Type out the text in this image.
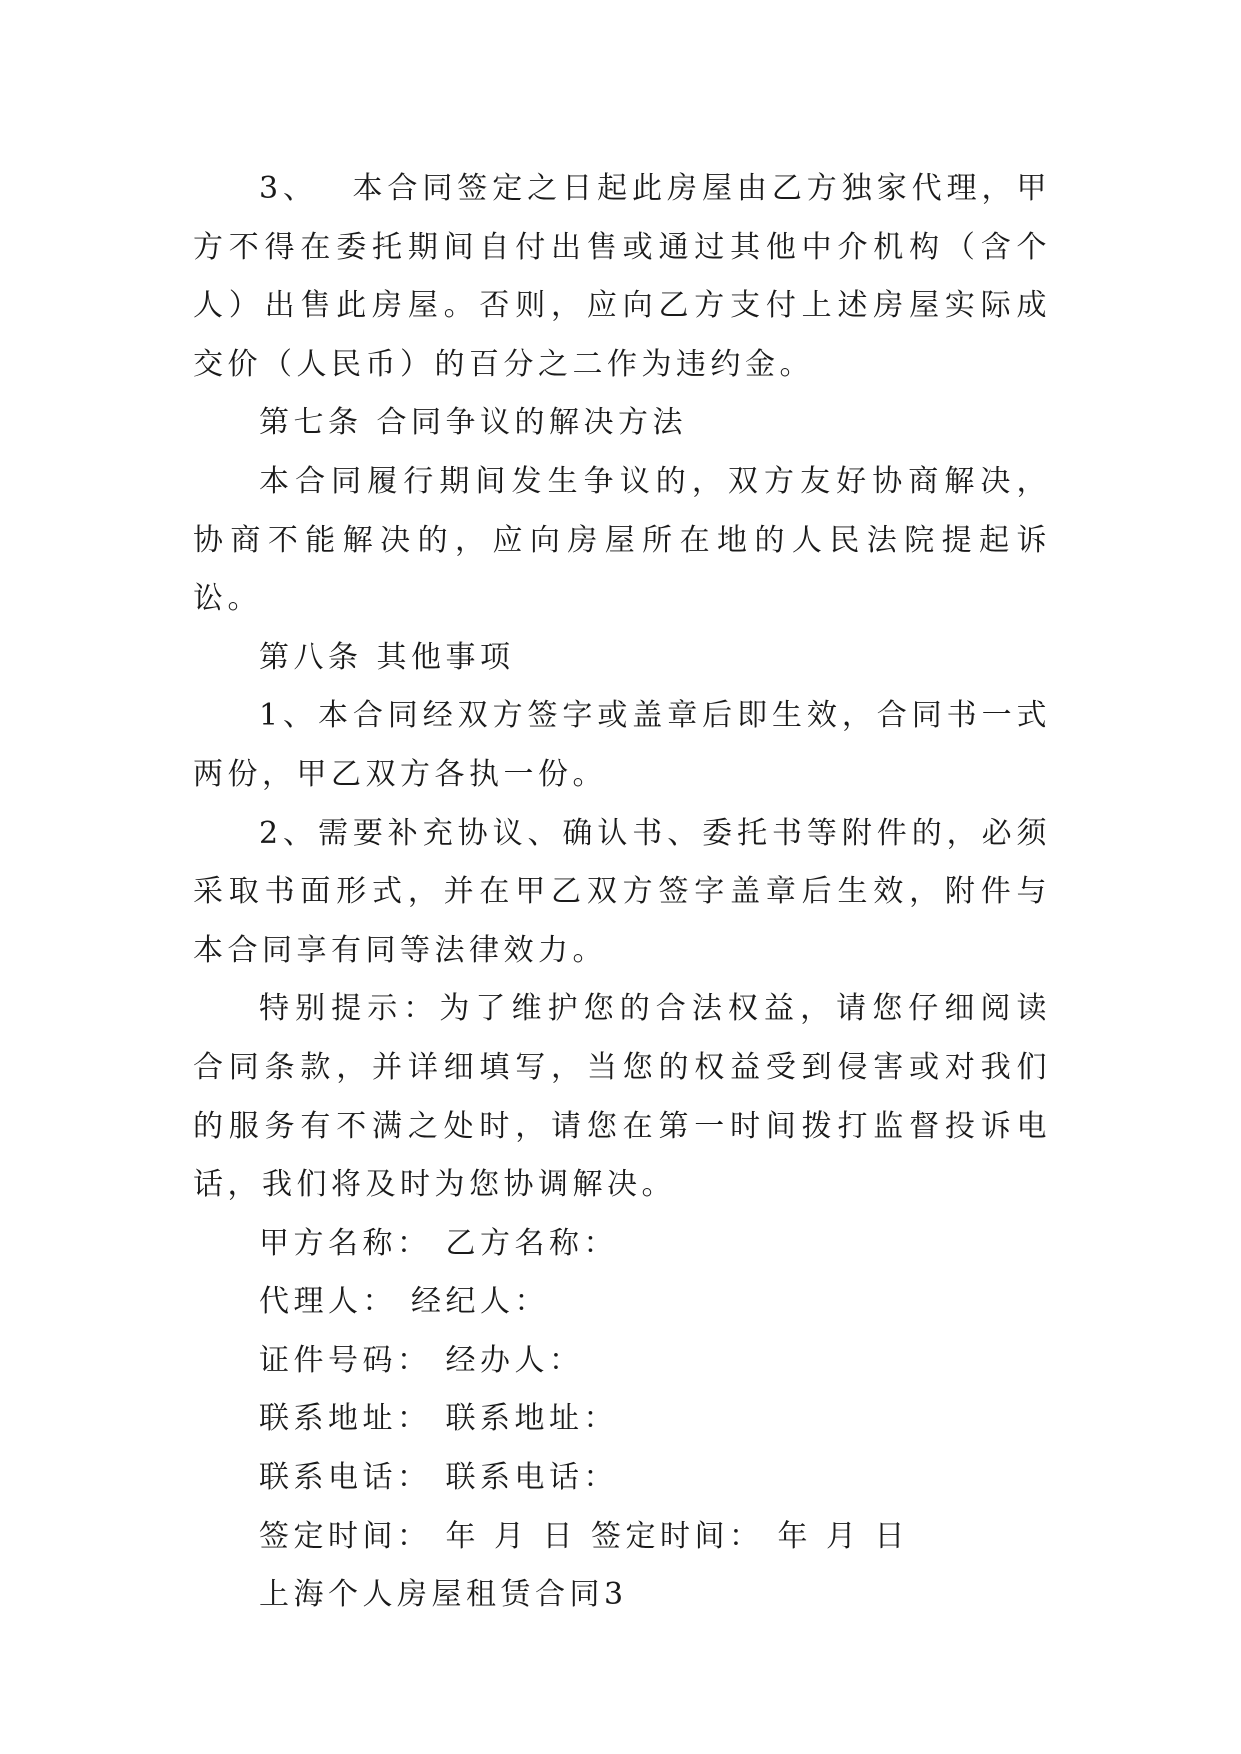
3、 本合同签定之日起此房屋由乙方独家代理，甲方不得在委托期间自付出售或通过其他中介机构（含个人）出售此房屋。否则，应向乙方支付上述房屋实际成交价（人民币）的百分之二作为违约金。

第七条 合同争议的解决方法

本合同履行期间发生争议的，双方友好协商解决，协商不能解决的，应向房屋所在地的人民法院提起诉讼。

第八条 其他事项

1、本合同经双方签字或盖章后即生效，合同书一式两份，甲乙双方各执一份。

2、需要补充协议、确认书、委托书等附件的，必须采取书面形式，并在甲乙双方签字盖章后生效，附件与本合同享有同等法律效力。

特别提示：为了维护您的合法权益，请您仔细阅读合同条款，并详细填写，当您的权益受到侵害或对我们的服务有不满之处时，请您在第一时间拨打监督投诉电话，我们将及时为您协调解决。

甲方名称： 乙方名称：

代理人： 经纪人：

证件号码： 经办人：

联系地址： 联系地址：

联系电话： 联系电话：

签定时间： 年 月 日 签定时间： 年 月 日

上海个人房屋租赁合同3
